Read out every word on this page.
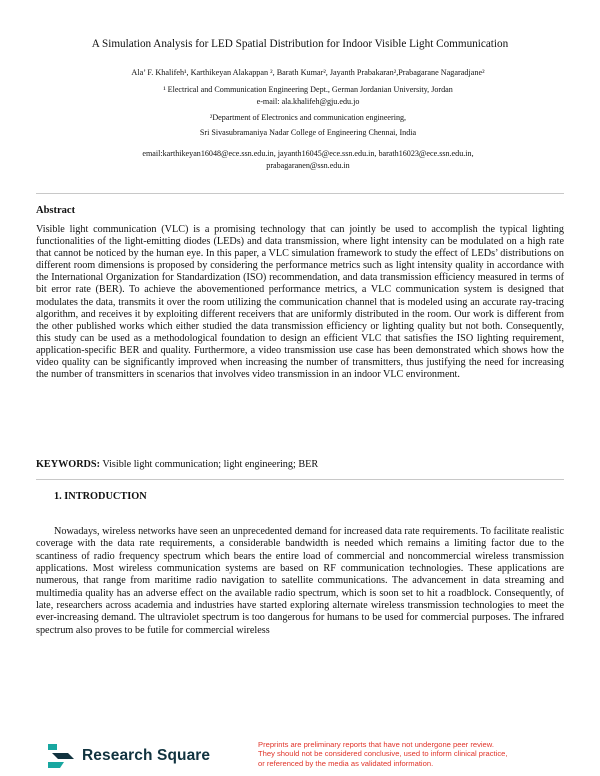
A Simulation Analysis for LED Spatial Distribution for Indoor Visible Light Communication
Ala’ F. Khalifeh¹, Karthikeyan Alakappan ², Barath Kumar², Jayanth Prabakaran²,Prabagarane Nagaradjane²
¹ Electrical and Communication Engineering Dept., German Jordanian University, Jordan
e-mail: ala.khalifeh@gju.edu.jo
²Department of Electronics and communication engineering,
Sri Sivasubramaniya Nadar College of Engineering Chennai, India
email:karthikeyan16048@ece.ssn.edu.in, jayanth16045@ece.ssn.edu.in, barath16023@ece.ssn.edu.in,
prabagaranen@ssn.edu.in
Abstract
Visible light communication (VLC) is a promising technology that can jointly be used to accomplish the typical lighting functionalities of the light-emitting diodes (LEDs) and data transmission, where light intensity can be modulated on a high rate that cannot be noticed by the human eye. In this paper, a VLC simulation framework to study the effect of LEDs’ distributions on different room dimensions is proposed by considering the performance metrics such as light intensity quality in accordance with the International Organization for Standardization (ISO) recommendation, and data transmission efficiency measured in terms of bit error rate (BER). To achieve the abovementioned performance metrics, a VLC communication system is designed that modulates the data, transmits it over the room utilizing the communication channel that is modeled using an accurate ray-tracing algorithm, and receives it by exploiting different receivers that are uniformly distributed in the room. Our work is different from the other published works which either studied the data transmission efficiency or lighting quality but not both. Consequently, this study can be used as a methodological foundation to design an efficient VLC that satisfies the ISO lighting requirement, application-specific BER and quality. Furthermore, a video transmission use case has been demonstrated which shows how the video quality can be significantly improved when increasing the number of transmitters, thus justifying the need for increasing the number of transmitters in scenarios that involves video transmission in an indoor VLC environment.
KEYWORDS: Visible light communication; light engineering; BER
1. INTRODUCTION
Nowadays, wireless networks have seen an unprecedented demand for increased data rate requirements. To facilitate realistic coverage with the data rate requirements, a considerable bandwidth is needed which remains a limiting factor due to the scantiness of radio frequency spectrum which bears the entire load of commercial and noncommercial wireless transmission applications. Most wireless communication systems are based on RF communication technologies. These applications are numerous, that range from maritime radio navigation to satellite communications. The advancement in data streaming and multimedia quality has an adverse effect on the available radio spectrum, which is soon set to hit a roadblock. Consequently, of late, researchers across academia and industries have started exploring alternate wireless transmission technologies to meet the ever-increasing demand. The ultraviolet spectrum is too dangerous for humans to be used for commercial purposes. The infrared spectrum also proves to be futile for commercial wireless
Research Square
Preprints are preliminary reports that have not undergone peer review.
They should not be considered conclusive, used to inform clinical practice,
or referenced by the media as validated information.
